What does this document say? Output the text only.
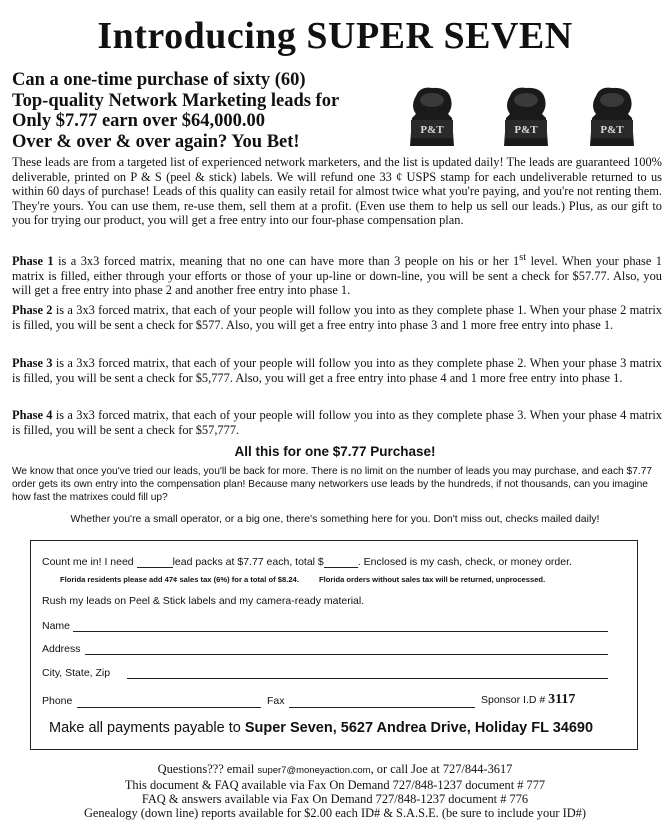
Introducing SUPER SEVEN
Can a one-time purchase of sixty (60)
Top-quality Network Marketing leads for
Only $7.77 earn over $64,000.00
Over & over & over again? You Bet!
P&T	P&T	P&T
These leads are from a targeted list of experienced network marketers, and the list is updated daily! The leads are guaranteed 100% deliverable, printed on P & S (peel & stick) labels. We will refund one 33 ¢ USPS stamp for each undeliverable returned to us within 60 days of purchase! Leads of this quality can easily retail for almost twice what you're paying, and you're not renting them. They're yours. You can use them, re-use them, sell them at a profit. (Even use them to help us sell our leads.) Plus, as our gift to you for trying our product, you will get a free entry into our four-phase compensation plan.
Phase 1 is a 3x3 forced matrix, meaning that no one can have more than 3 people on his or her 1st level. When your phase 1 matrix is filled, either through your efforts or those of your up-line or down-line, you will be sent a check for $57.77. Also, you will get a free entry into phase 2 and another free entry into phase 1.
Phase 2 is a 3x3 forced matrix, that each of your people will follow you into as they complete phase 1. When your phase 2 matrix is filled, you will be sent a check for $577. Also, you will get a free entry into phase 3 and 1 more free entry into phase 1.
Phase 3 is a 3x3 forced matrix, that each of your people will follow you into as they complete phase 2. When your phase 3 matrix is filled, you will be sent a check for $5,777. Also, you will get a free entry into phase 4 and 1 more free entry into phase 1.
Phase 4 is a 3x3 forced matrix, that each of your people will follow you into as they complete phase 3. When your phase 4 matrix is filled, you will be sent a check for $57,777.
All this for one $7.77 Purchase!
We know that once you've tried our leads, you'll be back for more. There is no limit on the number of leads you may purchase, and each $7.77 order gets its own entry into the compensation plan! Because many networkers use leads by the hundreds, if not thousands, can you imagine how fast the matrixes could fill up?
Whether you're a small operator, or a big one, there's something here for you. Don't miss out, checks mailed daily!
Count me in! I need	lead packs at $7.77 each, total $	. Enclosed is my cash, check, or money order.
Florida residents please add 47¢ sales tax (6%) for a total of $8.24.	Florida orders without sales tax will be returned, unprocessed.
Rush my leads on Peel & Stick labels and my camera-ready material.
Name
Address
City, State, Zip
Phone	Fax	Sponsor I.D # 3117
Make all payments payable to Super Seven, 5627 Andrea Drive, Holiday FL 34690
Questions??? email super7@moneyaction.com, or call Joe at 727/844-3617
This document & FAQ available via Fax On Demand 727/848-1237 document # 777
FAQ & answers available via Fax On Demand 727/848-1237 document # 776
Genealogy (down line) reports available for $2.00 each ID# & S.A.S.E. (be sure to include your ID#)
